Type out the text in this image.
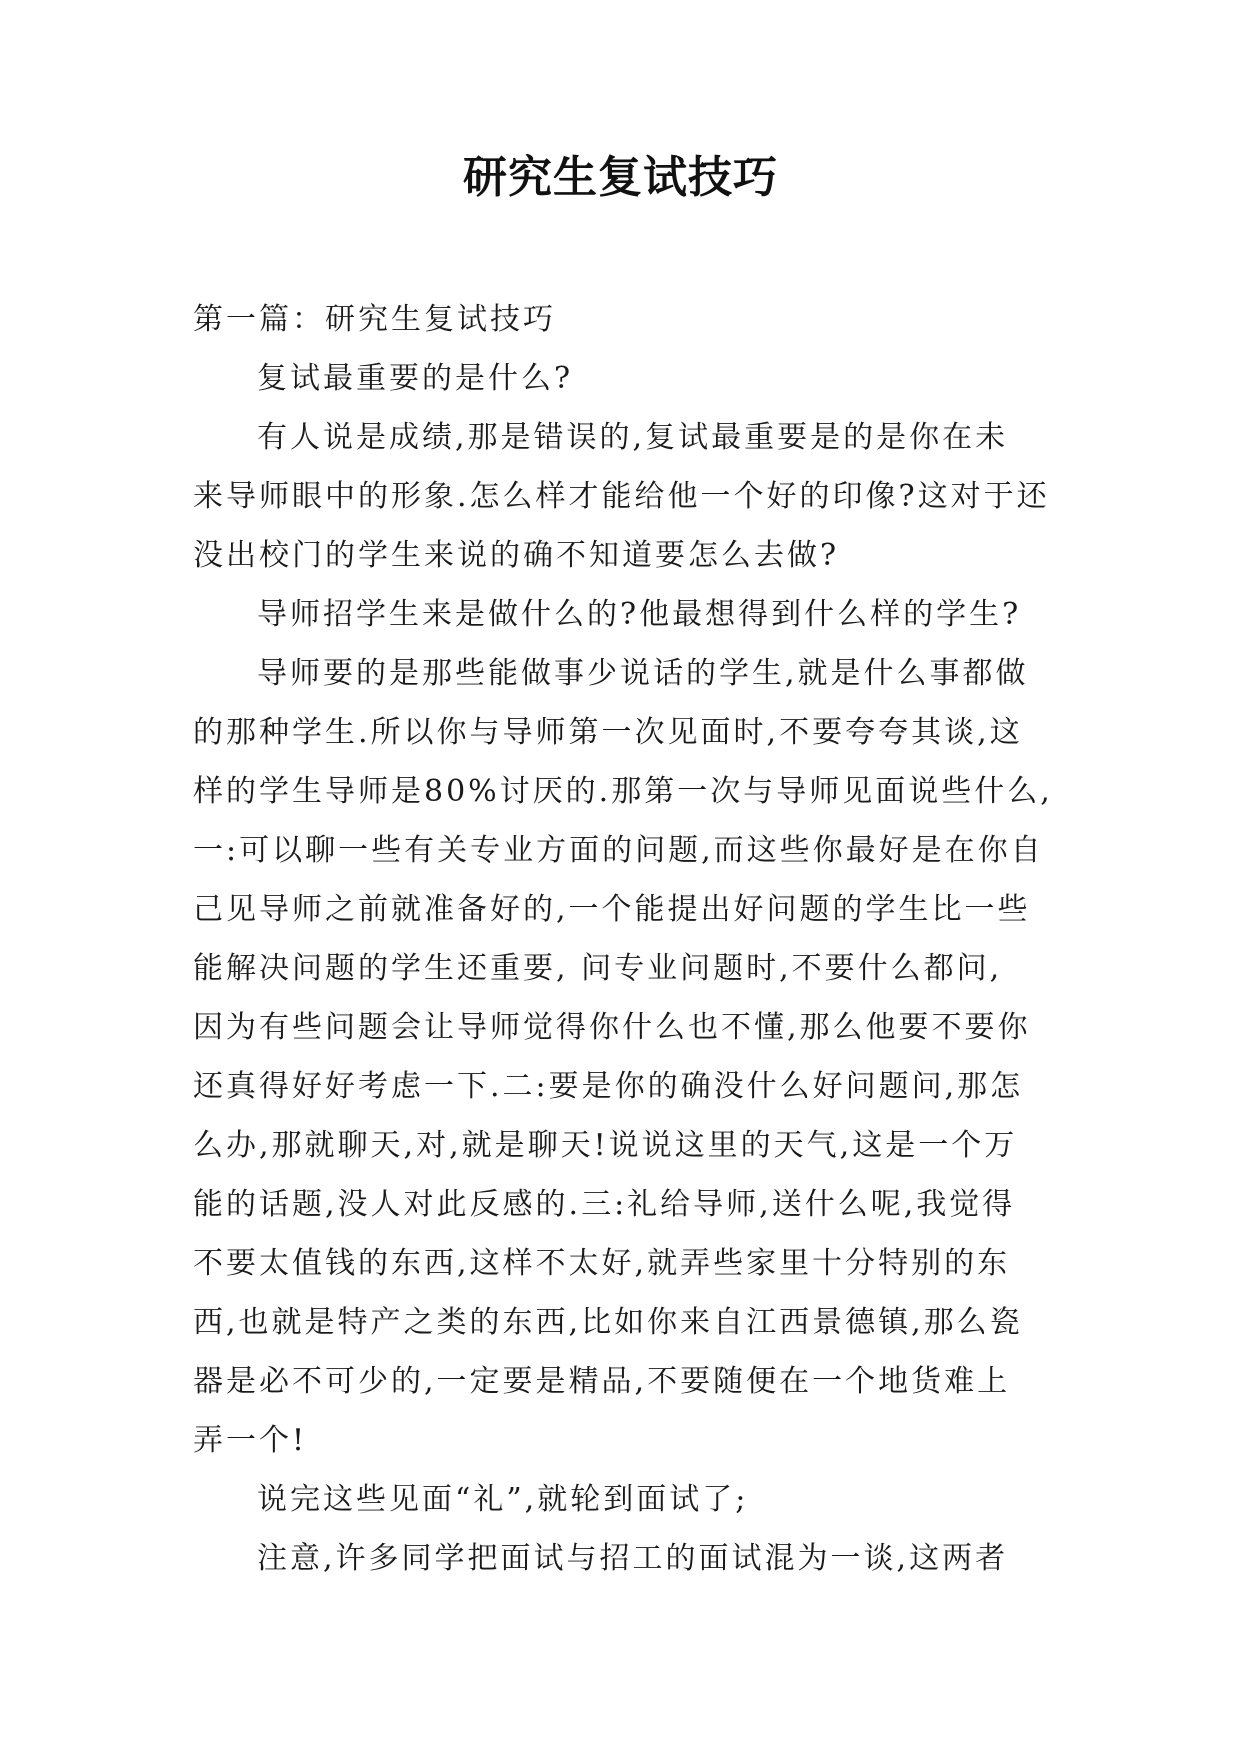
研究生复试技巧
第一篇：研究生复试技巧
复试最重要的是什么?
有人说是成绩,那是错误的,复试最重要是的是你在未
来导师眼中的形象.怎么样才能给他一个好的印像?这对于还
没出校门的学生来说的确不知道要怎么去做?
导师招学生来是做什么的?他最想得到什么样的学生?
导师要的是那些能做事少说话的学生,就是什么事都做
的那种学生.所以你与导师第一次见面时,不要夸夸其谈,这
样的学生导师是80%讨厌的.那第一次与导师见面说些什么,
一:可以聊一些有关专业方面的问题,而这些你最好是在你自
己见导师之前就准备好的,一个能提出好问题的学生比一些
能解决问题的学生还重要, 问专业问题时,不要什么都问,
因为有些问题会让导师觉得你什么也不懂,那么他要不要你
还真得好好考虑一下.二:要是你的确没什么好问题问,那怎
么办,那就聊天,对,就是聊天!说说这里的天气,这是一个万
能的话题,没人对此反感的.三:礼给导师,送什么呢,我觉得
不要太值钱的东西,这样不太好,就弄些家里十分特别的东
西,也就是特产之类的东西,比如你来自江西景德镇,那么瓷
器是必不可少的,一定要是精品,不要随便在一个地货难上
弄一个!
说完这些见面“礼”,就轮到面试了;
注意,许多同学把面试与招工的面试混为一谈,这两者
